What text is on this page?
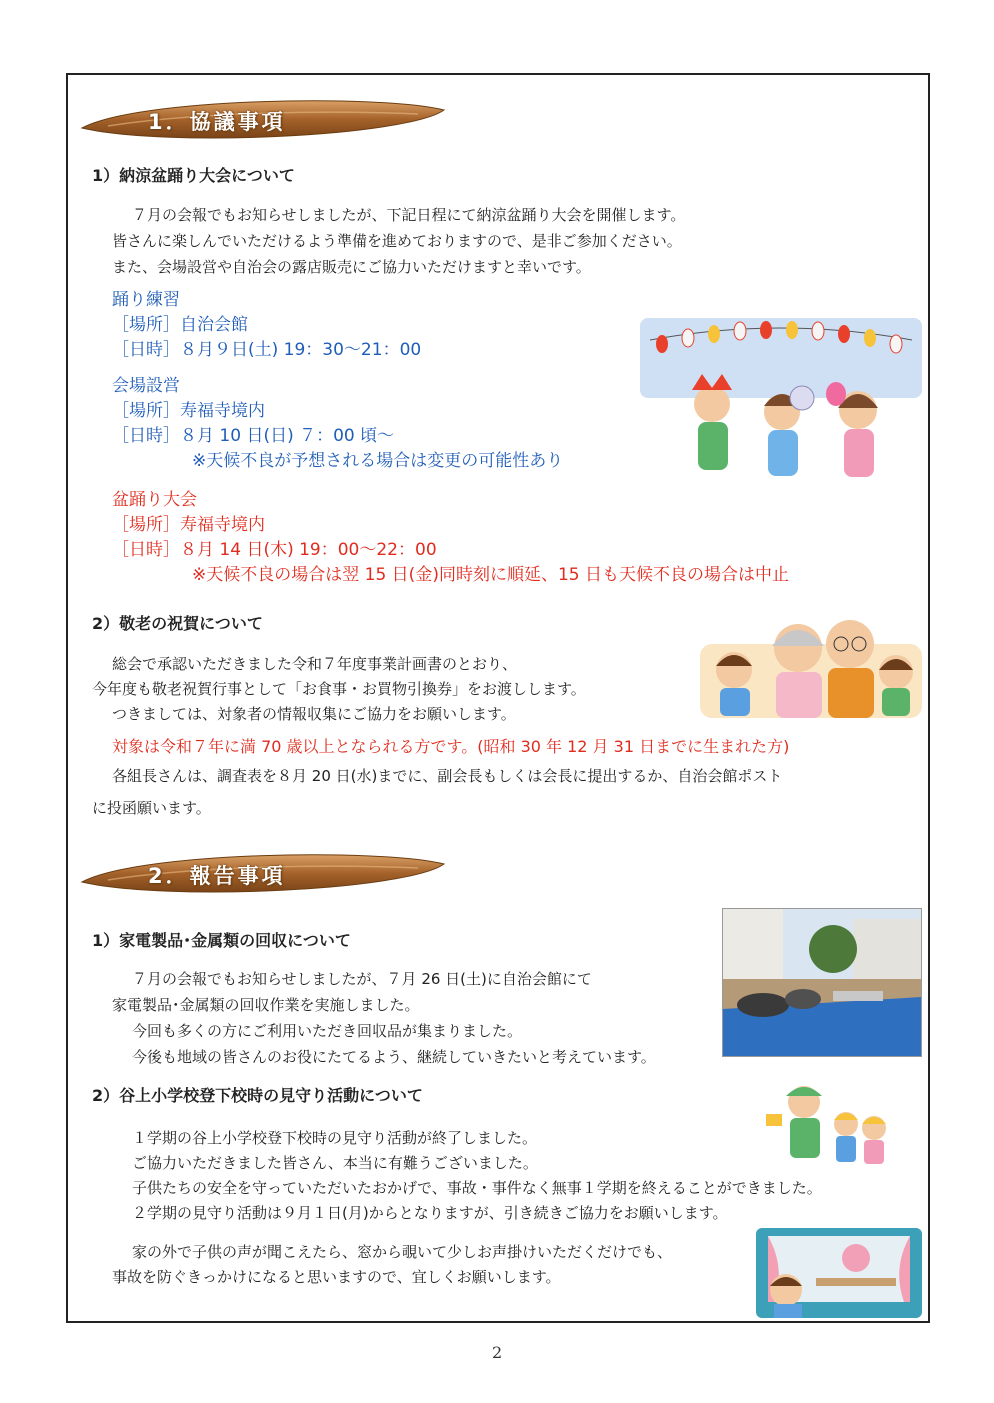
1．協議事項
1）納涼盆踊り大会について
７月の会報でもお知らせしましたが、下記日程にて納涼盆踊り大会を開催します。
皆さんに楽しんでいただけるよう準備を進めておりますので、是非ご参加ください。
また、会場設営や自治会の露店販売にご協力いただけますと幸いです。
踊り練習
［場所］自治会館
［日時］８月９日(土) 19：30～21：00
会場設営
［場所］寿福寺境内
［日時］８月 10 日(日) ７：00 頃～
※天候不良が予想される場合は変更の可能性あり
盆踊り大会
［場所］寿福寺境内
［日時］８月 14 日(木) 19：00～22：00
※天候不良の場合は翌 15 日(金)同時刻に順延、15 日も天候不良の場合は中止
2）敬老の祝賀について
総会で承認いただきました令和７年度事業計画書のとおり、
今年度も敬老祝賀行事として「お食事・お買物引換券」をお渡しします。
つきましては、対象者の情報収集にご協力をお願いします。
対象は令和７年に満 70 歳以上となられる方です。(昭和 30 年 12 月 31 日までに生まれた方)
各組長さんは、調査表を８月 20 日(水)までに、副会長もしくは会長に提出するか、自治会館ポスト
に投函願います。
2．報告事項
1）家電製品･金属類の回収について
７月の会報でもお知らせしましたが、７月 26 日(土)に自治会館にて
家電製品･金属類の回収作業を実施しました。
今回も多くの方にご利用いただき回収品が集まりました。
今後も地域の皆さんのお役にたてるよう、継続していきたいと考えています。
2）谷上小学校登下校時の見守り活動について
１学期の谷上小学校登下校時の見守り活動が終了しました。
ご協力いただきました皆さん、本当に有難うございました。
子供たちの安全を守っていただいたおかげで、事故・事件なく無事１学期を終えることができました。
２学期の見守り活動は９月１日(月)からとなりますが、引き続きご協力をお願いします。
家の外で子供の声が聞こえたら、窓から覗いて少しお声掛けいただくだけでも、
事故を防ぐきっかけになると思いますので、宜しくお願いします。
2
